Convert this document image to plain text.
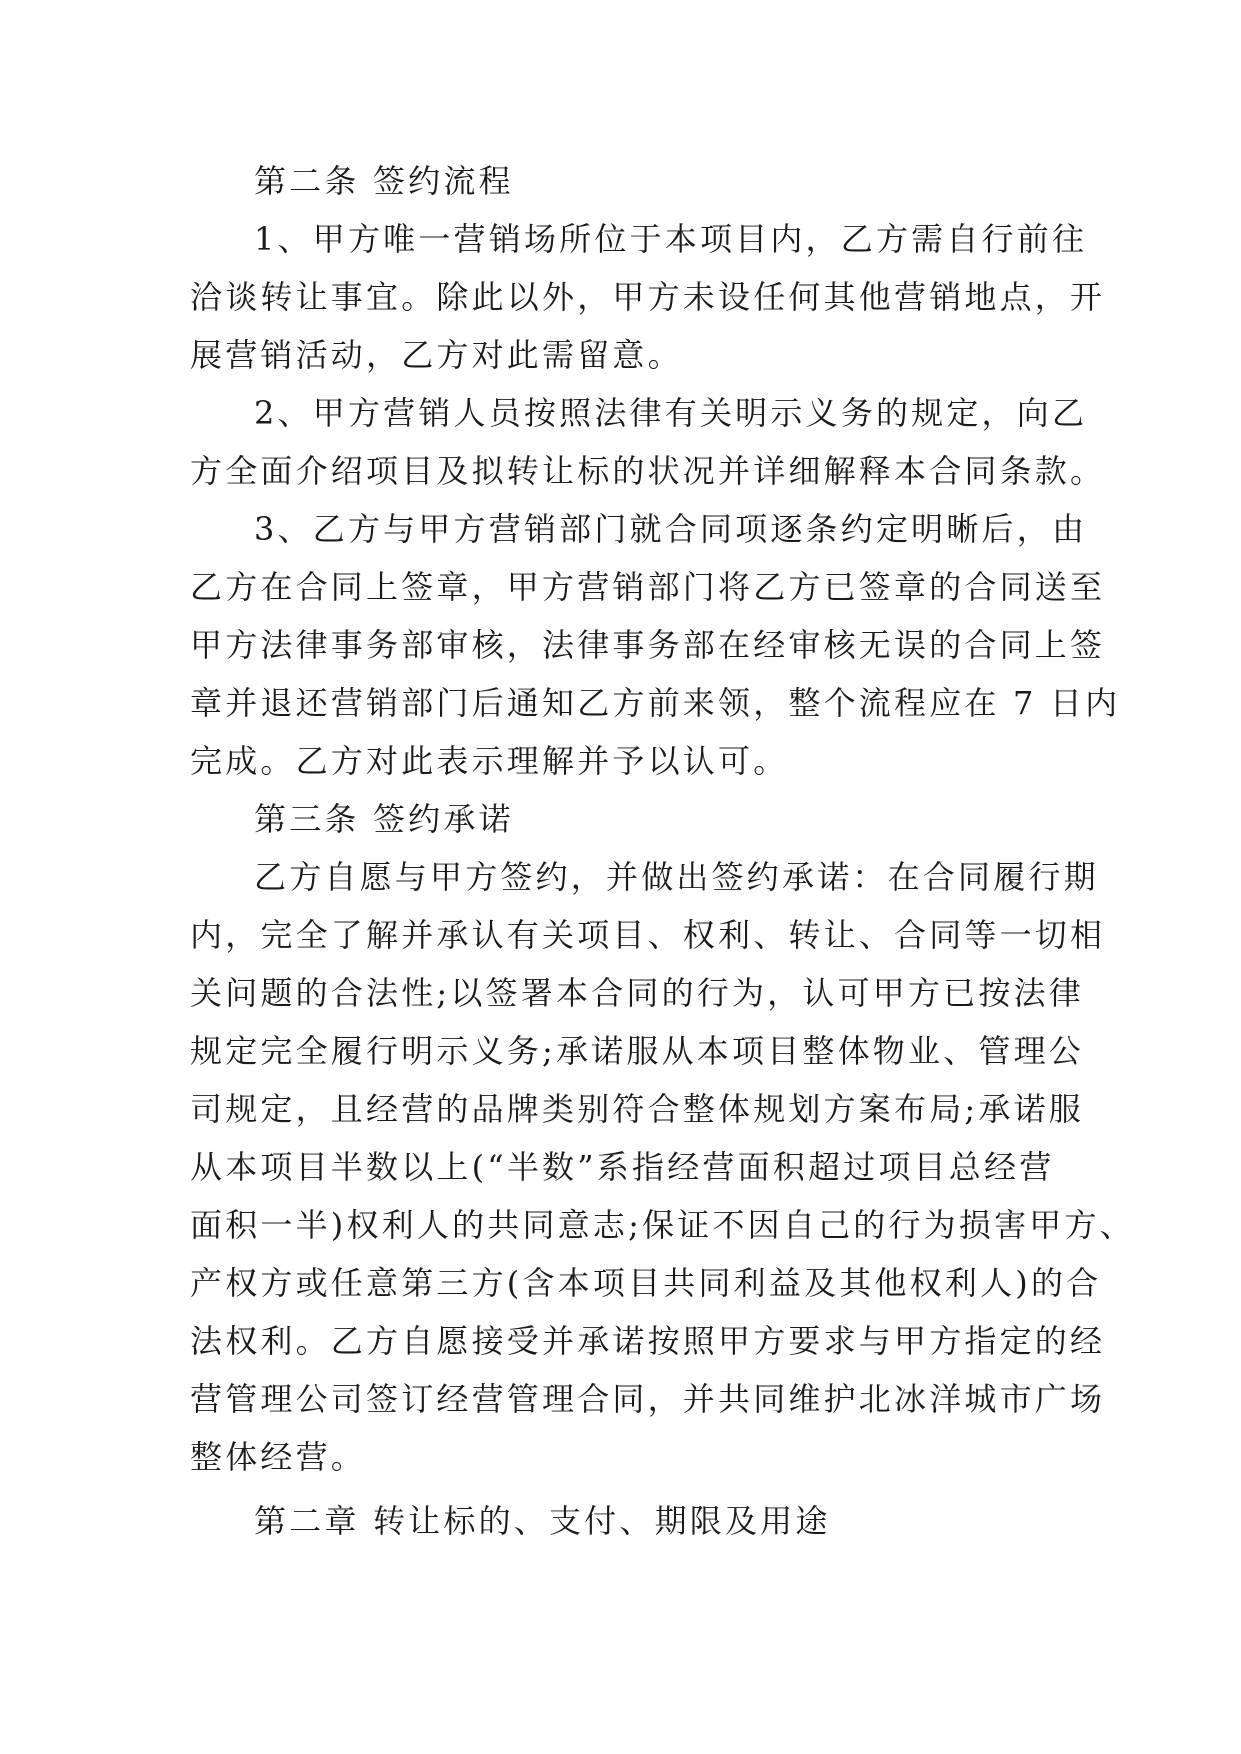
第二条 签约流程
1、甲方唯一营销场所位于本项目内，乙方需自行前往
洽谈转让事宜。除此以外，甲方未设任何其他营销地点，开
展营销活动，乙方对此需留意。
2、甲方营销人员按照法律有关明示义务的规定，向乙
方全面介绍项目及拟转让标的状况并详细解释本合同条款。
3、乙方与甲方营销部门就合同项逐条约定明晰后，由
乙方在合同上签章，甲方营销部门将乙方已签章的合同送至
甲方法律事务部审核，法律事务部在经审核无误的合同上签
章并退还营销部门后通知乙方前来领，整个流程应在 7 日内
完成。乙方对此表示理解并予以认可。
第三条 签约承诺
乙方自愿与甲方签约，并做出签约承诺：在合同履行期
内，完全了解并承认有关项目、权利、转让、合同等一切相
关问题的合法性;以签署本合同的行为，认可甲方已按法律
规定完全履行明示义务;承诺服从本项目整体物业、管理公
司规定，且经营的品牌类别符合整体规划方案布局;承诺服
从本项目半数以上(“半数”系指经营面积超过项目总经营
面积一半)权利人的共同意志;保证不因自己的行为损害甲方、
产权方或任意第三方(含本项目共同利益及其他权利人)的合
法权利。乙方自愿接受并承诺按照甲方要求与甲方指定的经
营管理公司签订经营管理合同，并共同维护北冰洋城市广场
整体经营。
第二章 转让标的、支付、期限及用途
